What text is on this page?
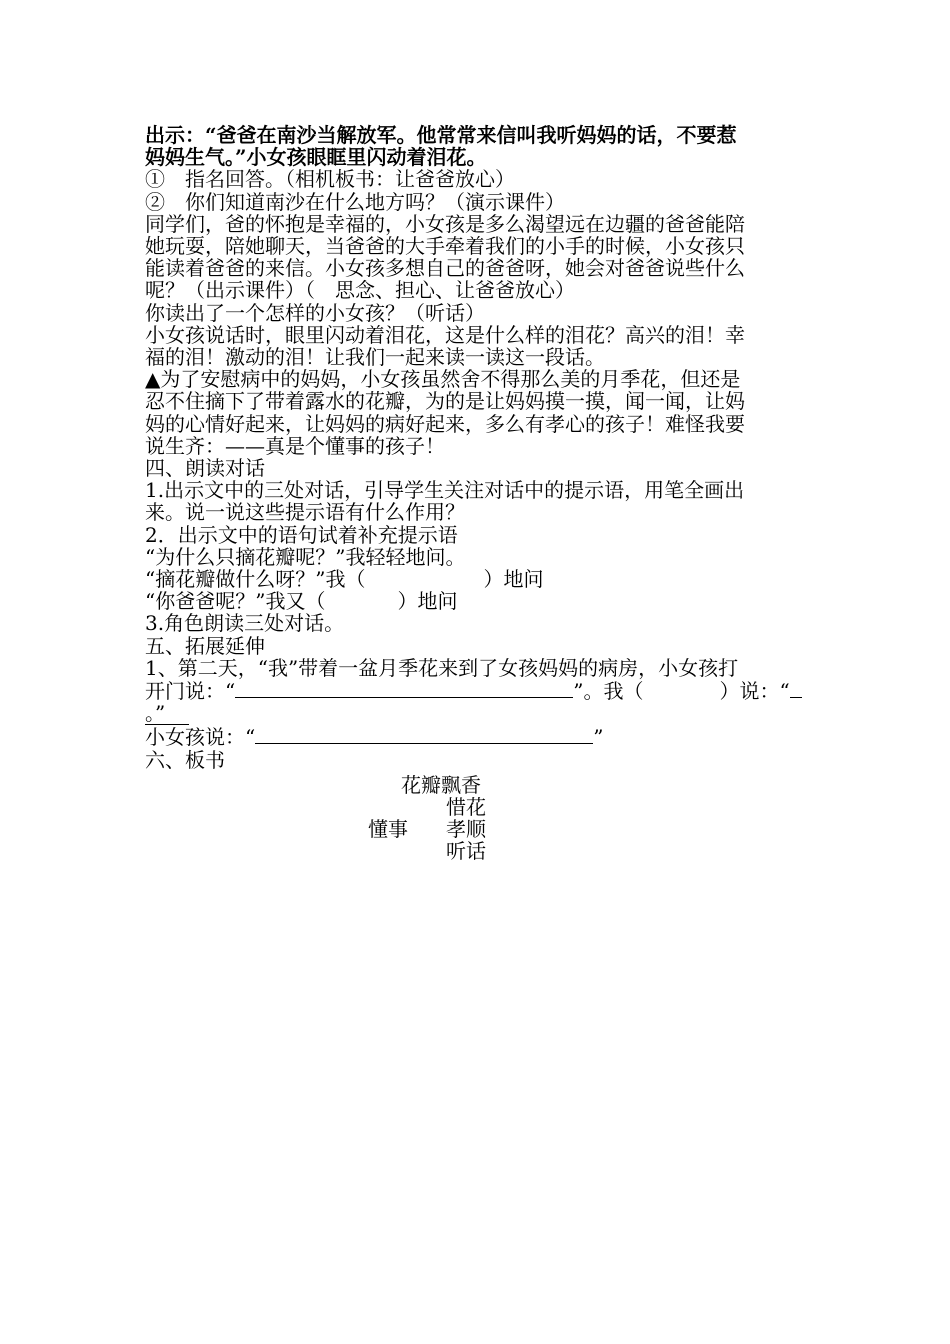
出示：“爸爸在南沙当解放军。他常常来信叫我听妈妈的话，不要惹

妈妈生气。”小女孩眼眶里闪动着泪花。

①　指名回答。（相机板书：让爸爸放心）

②　你们知道南沙在什么地方吗？（演示课件）

同学们，爸的怀抱是幸福的，小女孩是多么渴望远在边疆的爸爸能陪

她玩耍，陪她聊天，当爸爸的大手牵着我们的小手的时候，小女孩只

能读着爸爸的来信。小女孩多想自己的爸爸呀，她会对爸爸说些什么

呢？（出示课件）（　思念、担心、让爸爸放心）

你读出了一个怎样的小女孩？（听话）

小女孩说话时，眼里闪动着泪花，这是什么样的泪花？高兴的泪！幸

福的泪！激动的泪！让我们一起来读一读这一段话。

▲为了安慰病中的妈妈，小女孩虽然舍不得那么美的月季花，但还是

忍不住摘下了带着露水的花瓣，为的是让妈妈摸一摸，闻一闻，让妈

妈的心情好起来，让妈妈的病好起来，多么有孝心的孩子！难怪我要

说生齐：——真是个懂事的孩子！

四、朗读对话

1.出示文中的三处对话，引导学生关注对话中的提示语，用笔全画出

来。说一说这些提示语有什么作用？

2．出示文中的语句试着补充提示语

“为什么只摘花瓣呢？”我轻轻地问。

“摘花瓣做什么呀？”我（	）地问

“你爸爸呢？”我又（	）地问

3.角色朗读三处对话。

五、拓展延伸

1、第二天，“我”带着一盆月季花来到了女孩妈妈的病房，小女孩打

开门说：“	”。我（	）说：“

。”

小女孩说：“	”

六、板书

花瓣飘香
惜花
懂事 孝顺
听话
